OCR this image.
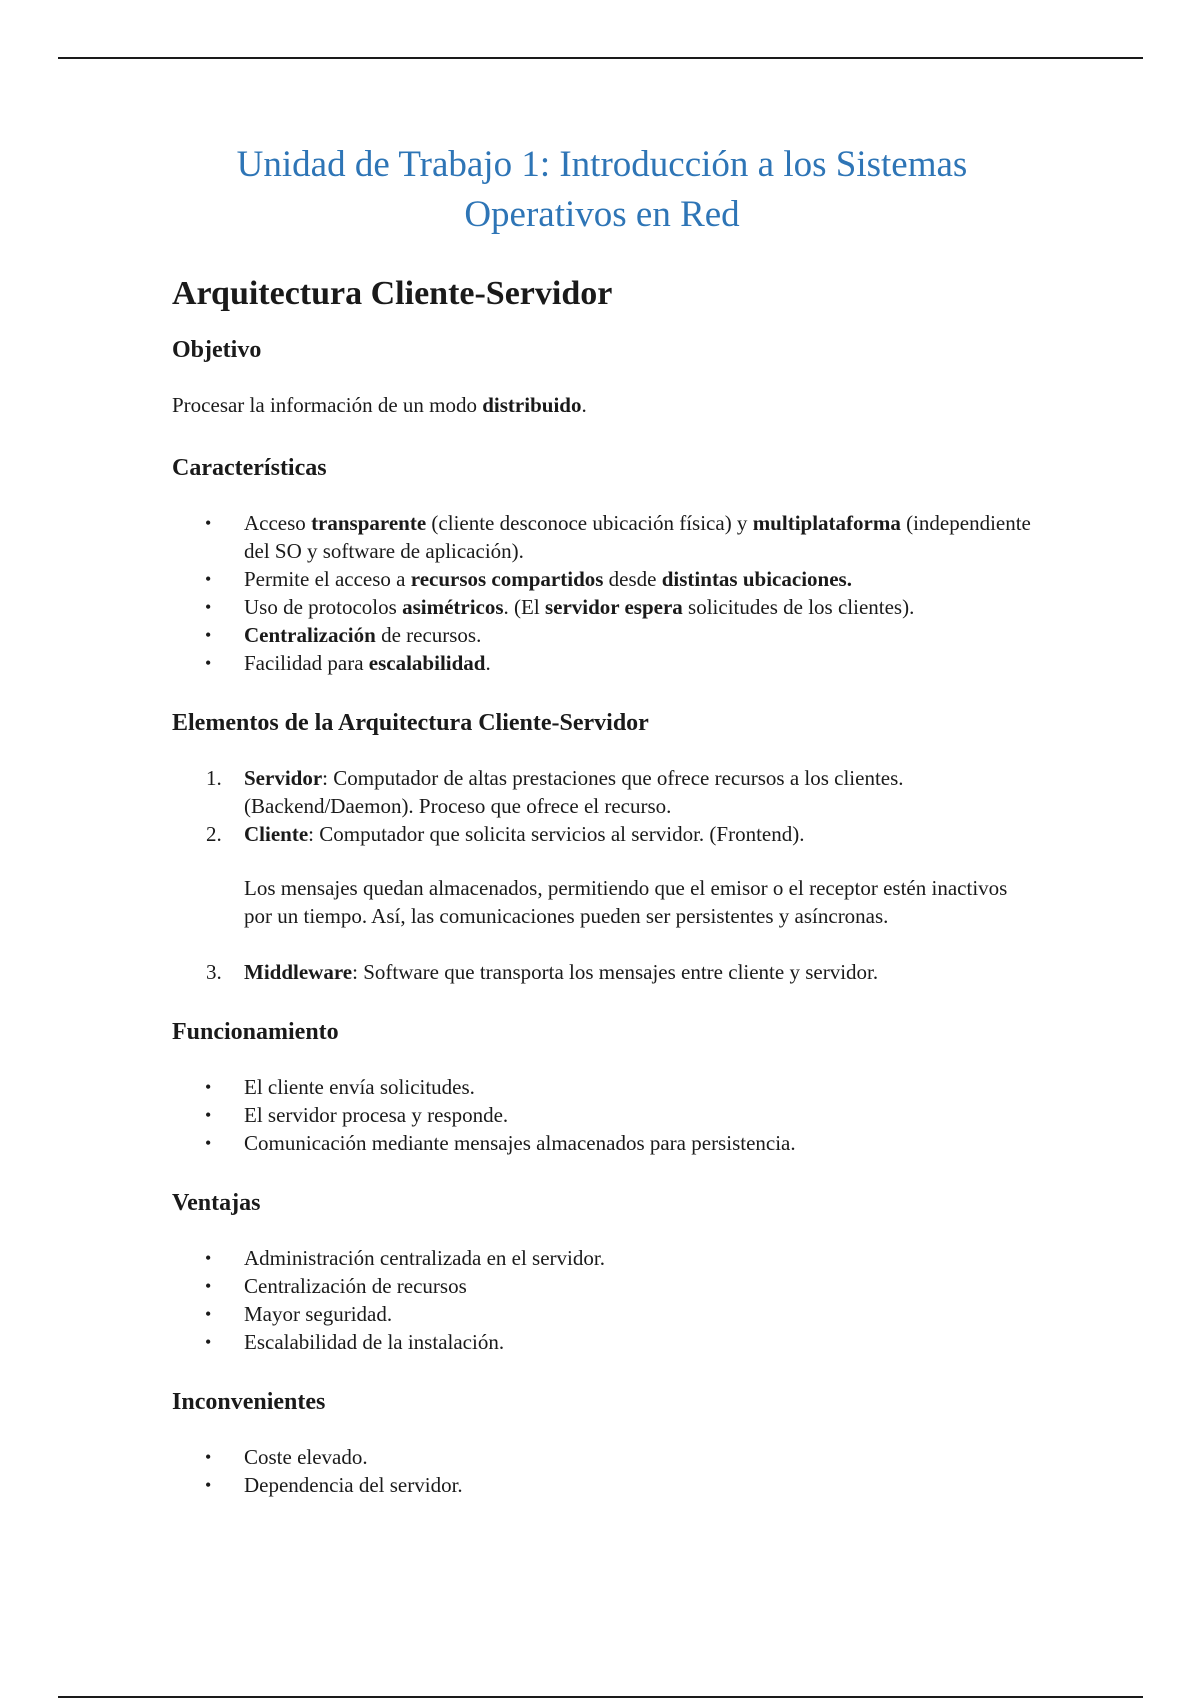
Unidad de Trabajo 1: Introducción a los Sistemas
Operativos en Red
Arquitectura Cliente-Servidor
Objetivo

Procesar la información de un modo distribuido.

Características
• Acceso transparente (cliente desconoce ubicación física) y multiplataforma (independiente del SO y software de aplicación).
• Permite el acceso a recursos compartidos desde distintas ubicaciones.
• Uso de protocolos asimétricos. (El servidor espera solicitudes de los clientes).
• Centralización de recursos.
• Facilidad para escalabilidad.
Elementos de la Arquitectura Cliente-Servidor
1. Servidor: Computador de altas prestaciones que ofrece recursos a los clientes. (Backend/Daemon). Proceso que ofrece el recurso.
2. Cliente: Computador que solicita servicios al servidor. (Frontend).
Los mensajes quedan almacenados, permitiendo que el emisor o el receptor estén inactivos por un tiempo. Así, las comunicaciones pueden ser persistentes y asíncronas.
3. Middleware: Software que transporta los mensajes entre cliente y servidor.
Funcionamiento
• El cliente envía solicitudes.
• El servidor procesa y responde.
• Comunicación mediante mensajes almacenados para persistencia.
Ventajas
• Administración centralizada en el servidor.
• Centralización de recursos
• Mayor seguridad.
• Escalabilidad de la instalación.
Inconvenientes
• Coste elevado.
• Dependencia del servidor.
